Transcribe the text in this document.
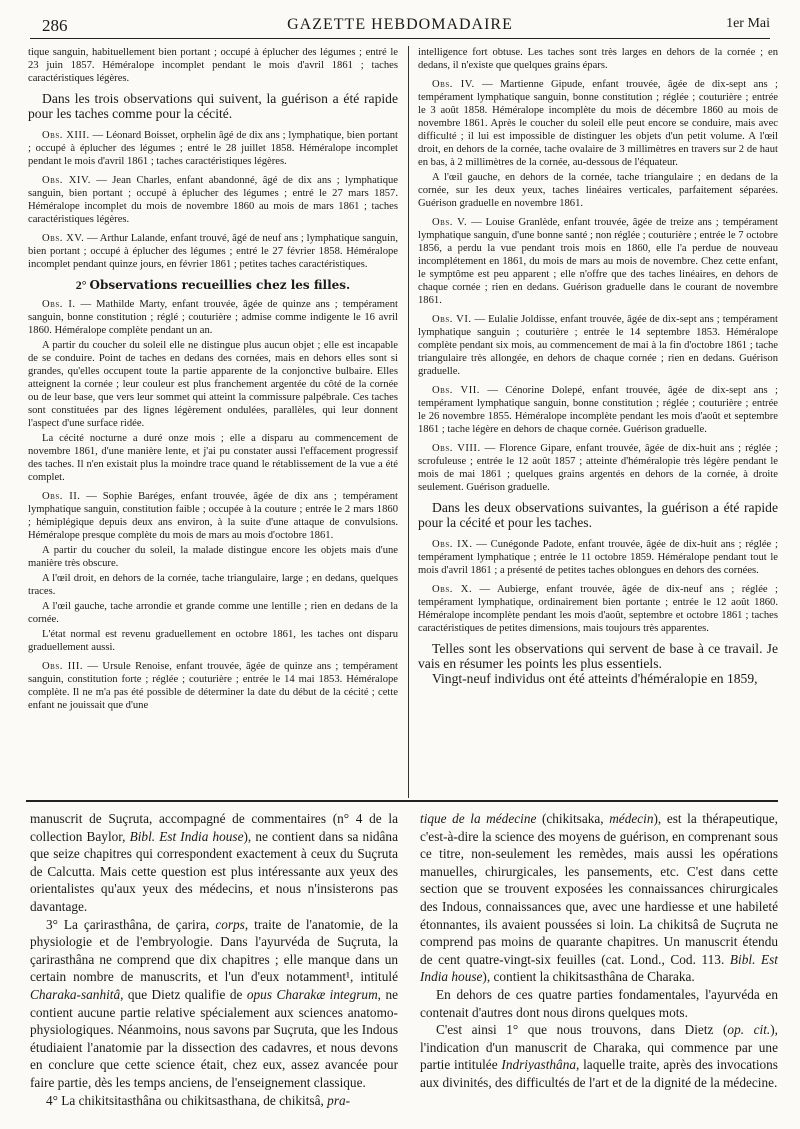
286	GAZETTE HEBDOMADAIRE	1er Mai

tique sanguin, habituellement bien portant ; occupé à éplucher des légumes ; entré le 23 juin 1857. Héméralope incomplet pendant le mois d'avril 1861 ; taches caractéristiques légères.

Dans les trois observations qui suivent, la guérison a été rapide pour les taches comme pour la cécité.

Obs. XIII. — Léonard Boisset, orphelin âgé de dix ans ; lymphatique, bien portant ; occupé à éplucher des légumes ; entré le 28 juillet 1858. Héméralope incomplet pendant le mois d'avril 1861 ; taches caractéristiques légères.

Obs. XIV. — Jean Charles, enfant abandonné, âgé de dix ans ; lymphatique sanguin, bien portant ; occupé à éplucher des légumes ; entré le 27 mars 1857. Héméralope incomplet du mois de novembre 1860 au mois de mars 1861 ; taches caractéristiques légères.

Obs. XV. — Arthur Lalande, enfant trouvé, âgé de neuf ans ; lymphatique sanguin, bien portant ; occupé à éplucher des légumes ; entré le 27 février 1858. Héméralope incomplet pendant quinze jours, en février 1861 ; petites taches caractéristiques.

2° Observations recueillies chez les filles.

Obs. I. — Mathilde Marty, enfant trouvée, âgée de quinze ans ; tempérament sanguin, bonne constitution ; réglé ; couturière ; admise comme indigente le 16 avril 1860. Héméralope complète pendant un an.

A partir du coucher du soleil elle ne distingue plus aucun objet ; elle est incapable de se conduire. Point de taches en dedans des cornées, mais en dehors elles sont si grandes, qu'elles occupent toute la partie apparente de la conjonctive bulbaire. Elles atteignent la cornée ; leur couleur est plus franchement argentée du côté de la cornée ou de leur base, que vers leur sommet qui atteint la commissure palpébrale. Ces taches sont constituées par des lignes légèrement ondulées, parallèles, qui leur donnent l'aspect d'une surface ridée.

La cécité nocturne a duré onze mois ; elle a disparu au commencement de novembre 1861, d'une manière lente, et j'ai pu constater aussi l'effacement progressif des taches. Il n'en existait plus la moindre trace quand le rétablissement de la vue a été complet.

Obs. II. — Sophie Baréges, enfant trouvée, âgée de dix ans ; tempérament lymphatique sanguin, constitution faible ; occupée à la couture ; entrée le 2 mars 1860 ; hémiplégique depuis deux ans environ, à la suite d'une attaque de convulsions. Héméralope presque complète du mois de mars au mois d'octobre 1861.

A partir du coucher du soleil, la malade distingue encore les objets mais d'une manière très obscure.

A l'œil droit, en dehors de la cornée, tache triangulaire, large ; en dedans, quelques traces.

A l'œil gauche, tache arrondie et grande comme une lentille ; rien en dedans de la cornée.

L'état normal est revenu graduellement en octobre 1861, les taches ont disparu graduellement aussi.

Obs. III. — Ursule Renoise, enfant trouvée, âgée de quinze ans ; tempérament sanguin, constitution forte ; réglée ; couturière ; entrée le 14 mai 1853. Héméralope complète. Il ne m'a pas été possible de déterminer la date du début de la cécité ; cette enfant ne jouissait que d'une

intelligence fort obtuse. Les taches sont très larges en dehors de la cornée ; en dedans, il n'existe que quelques grains épars.

Obs. IV. — Martienne Gipude, enfant trouvée, âgée de dix-sept ans ; tempérament lymphatique sanguin, bonne constitution ; réglée ; couturière ; entrée le 3 août 1858. Héméralope incomplète du mois de décembre 1860 au mois de novembre 1861. Après le coucher du soleil elle peut encore se conduire, mais avec difficulté ; il lui est impossible de distinguer les objets d'un petit volume. A l'œil droit, en dehors de la cornée, tache ovalaire de 3 millimètres en travers sur 2 de haut en bas, à 2 millimètres de la cornée, au-dessous de l'équateur.

A l'œil gauche, en dehors de la cornée, tache triangulaire ; en dedans de la cornée, sur les deux yeux, taches linéaires verticales, parfaitement séparées. Guérison graduelle en novembre 1861.

Obs. V. — Louise Granlède, enfant trouvée, âgée de treize ans ; tempérament lymphatique sanguin, d'une bonne santé ; non réglée ; couturière ; entrée le 7 octobre 1856, a perdu la vue pendant trois mois en 1860, elle l'a perdue de nouveau incomplétement en 1861, du mois de mars au mois de novembre. Chez cette enfant, le symptôme est peu apparent ; elle n'offre que des taches linéaires, en dehors de chaque cornée ; rien en dedans. Guérison graduelle dans le courant de novembre 1861.

Obs. VI. — Eulalie Joldisse, enfant trouvée, âgée de dix-sept ans ; tempérament lymphatique sanguin ; couturière ; entrée le 14 septembre 1853. Héméralope complète pendant six mois, au commencement de mai à la fin d'octobre 1861 ; tache triangulaire très allongée, en dehors de chaque cornée ; rien en dedans. Guérison graduelle.

Obs. VII. — Cénorine Dolepé, enfant trouvée, âgée de dix-sept ans ; tempérament lymphatique sanguin, bonne constitution ; réglée ; couturière ; entrée le 26 novembre 1855. Héméralope incomplète pendant les mois d'août et septembre 1861 ; tache légère en dehors de chaque cornée. Guérison graduelle.

Obs. VIII. — Florence Gipare, enfant trouvée, âgée de dix-huit ans ; réglée ; scrofuleuse ; entrée le 12 août 1857 ; atteinte d'héméralopie très légère pendant le mois de mai 1861 ; quelques grains argentés en dehors de la cornée, à droite seulement. Guérison graduelle.

Dans les deux observations suivantes, la guérison a été rapide pour la cécité et pour les taches.

Obs. IX. — Cunégonde Padote, enfant trouvée, âgée de dix-huit ans ; réglée ; tempérament lymphatique ; entrée le 11 octobre 1859. Héméralope pendant tout le mois d'avril 1861 ; a présenté de petites taches oblongues en dehors des cornées.

Obs. X. — Aubierge, enfant trouvée, âgée de dix-neuf ans ; réglée ; tempérament lymphatique, ordinairement bien portante ; entrée le 12 août 1860. Héméralope incomplète pendant les mois d'août, septembre et octobre 1861 ; taches caractéristiques de petites dimensions, mais toujours très apparentes.

Telles sont les observations qui servent de base à ce travail. Je vais en résumer les points les plus essentiels.

Vingt-neuf individus ont été atteints d'héméralopie en 1859,

manuscrit de Suçruta, accompagné de commentaires (n° 4 de la collection Baylor, Bibl. Est India house), ne contient dans sa nidâna que seize chapitres qui correspondent exactement à ceux du Suçruta de Calcutta. Mais cette question est plus intéressante aux yeux des orientalistes qu'aux yeux des médecins, et nous n'insisterons pas davantage.

3° La çarirasthâna, de çarira, corps, traite de l'anatomie, de la physiologie et de l'embryologie. Dans l'ayurvéda de Suçruta, la çarirasthâna ne comprend que dix chapitres ; elle manque dans un certain nombre de manuscrits, et l'un d'eux notamment¹, intitulé Charaka-sanhitâ, que Dietz qualifie de opus Charakæ integrum, ne contient aucune partie relative spécialement aux sciences anatomo-physiologiques. Néanmoins, nous savons par Suçruta, que les Indous étudiaient l'anatomie par la dissection des cadavres, et nous devons en conclure que cette science était, chez eux, assez avancée pour faire partie, dès les temps anciens, de l'enseignement classique.

4° La chikitsitasthâna ou chikitsasthana, de chikitsâ, pra-

tique de la médecine (chikitsaka, médecin), est la thérapeutique, c'est-à-dire la science des moyens de guérison, en comprenant sous ce titre, non-seulement les remèdes, mais aussi les opérations manuelles, chirurgicales, les pansements, etc. C'est dans cette section que se trouvent exposées les connaissances chirurgicales des Indous, connaissances que, avec une hardiesse et une habileté étonnantes, ils avaient poussées si loin. La chikitsâ de Suçruta ne comprend pas moins de quarante chapitres. Un manuscrit étendu de cent quatre-vingt-six feuilles (cat. Lond., Cod. 113. Bibl. Est India house), contient la chikitsasthâna de Charaka.

En dehors de ces quatre parties fondamentales, l'ayurvéda en contenait d'autres dont nous dirons quelques mots.

C'est ainsi 1° que nous trouvons, dans Dietz (op. cit.), l'indication d'un manuscrit de Charaka, qui commence par une partie intitulée Indriyasthâna, laquelle traite, après des invocations aux divinités, des difficultés de l'art et de la dignité de la médecine.
